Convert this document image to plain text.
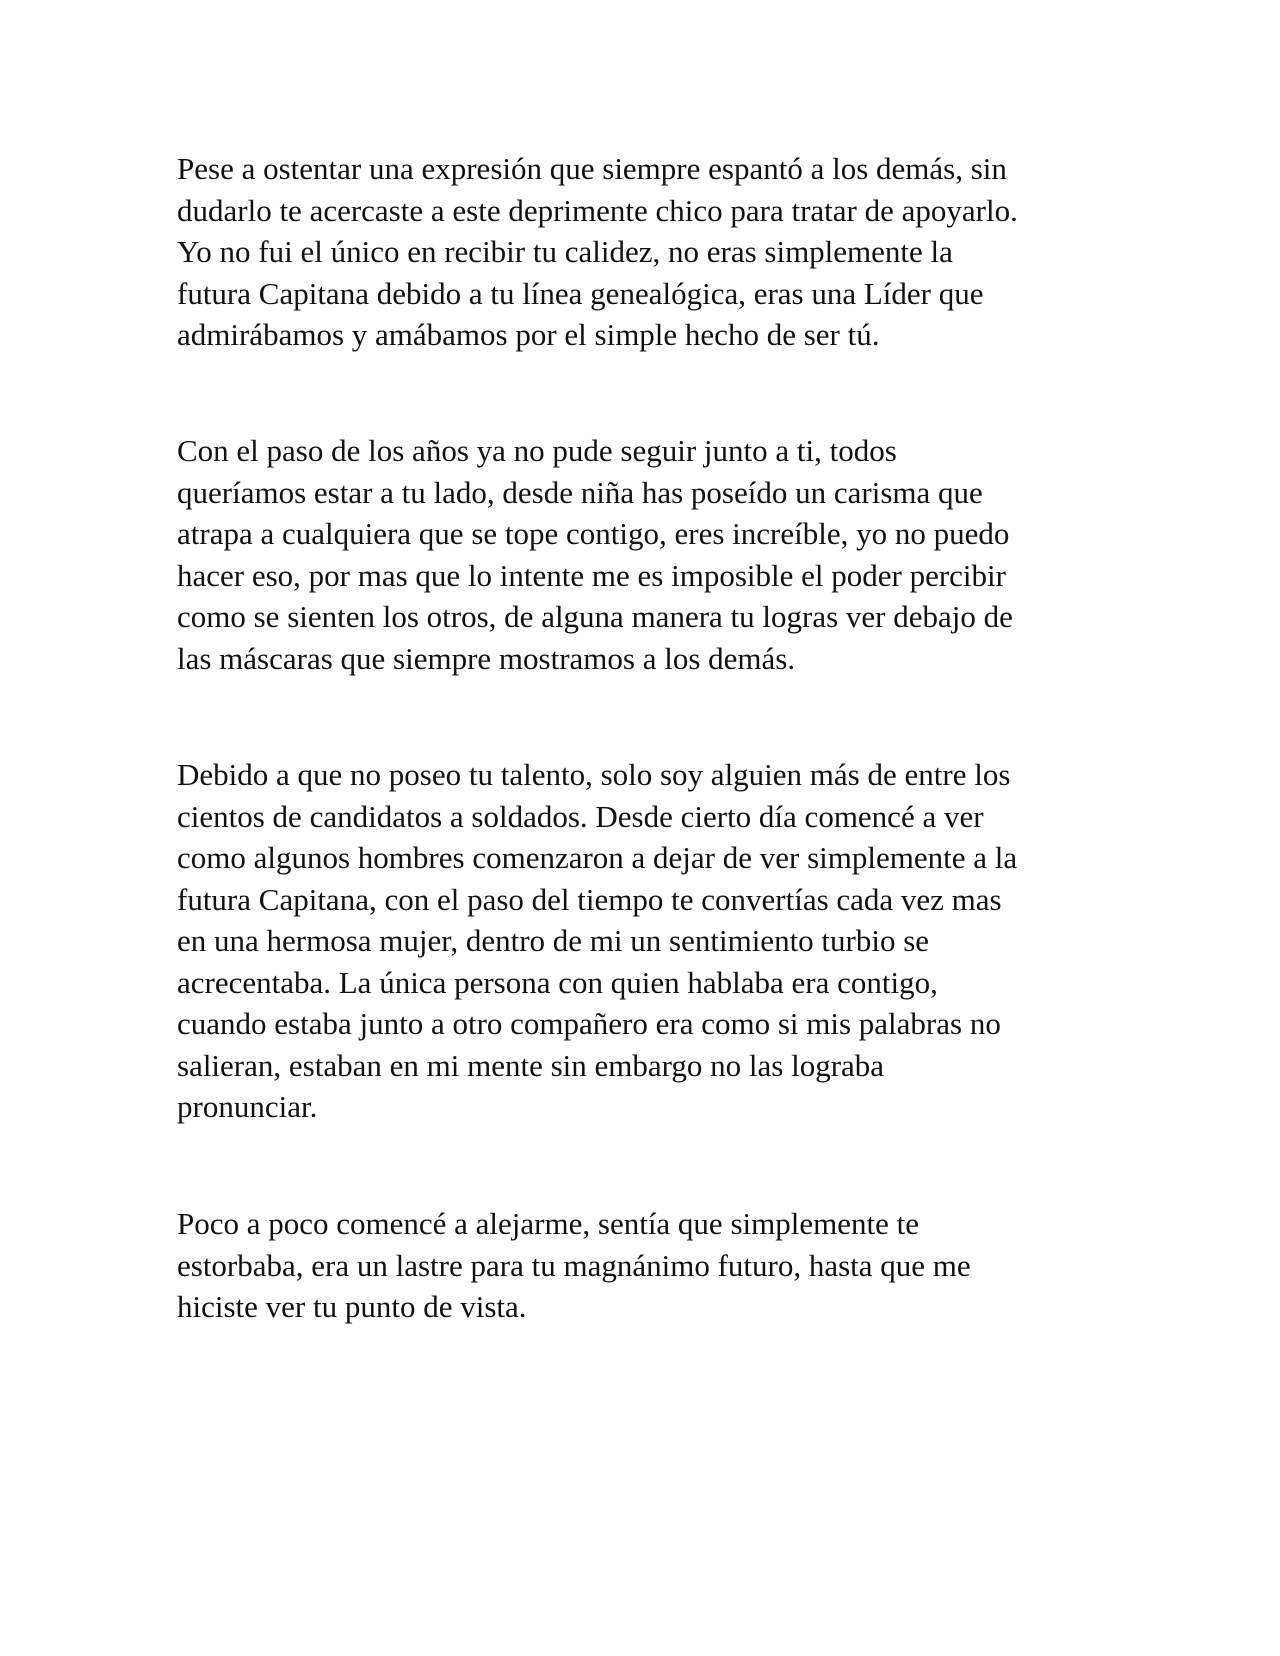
Pese a ostentar una expresión que siempre espantó a los demás, sin
dudarlo te acercaste a este deprimente chico para tratar de apoyarlo.
Yo no fui el único en recibir tu calidez, no eras simplemente la
futura Capitana debido a tu línea genealógica, eras una Líder que
admirábamos y amábamos por el simple hecho de ser tú.
Con el paso de los años ya no pude seguir junto a ti, todos
queríamos estar a tu lado, desde niña has poseído un carisma que
atrapa a cualquiera que se tope contigo, eres increíble, yo no puedo
hacer eso, por mas que lo intente me es imposible el poder percibir
como se sienten los otros, de alguna manera tu logras ver debajo de
las máscaras que siempre mostramos a los demás.
Debido a que no poseo tu talento, solo soy alguien más de entre los
cientos de candidatos a soldados. Desde cierto día comencé a ver
como algunos hombres comenzaron a dejar de ver simplemente a la
futura Capitana, con el paso del tiempo te convertías cada vez mas
en una hermosa mujer, dentro de mi un sentimiento turbio se
acrecentaba. La única persona con quien hablaba era contigo,
cuando estaba junto a otro compañero era como si mis palabras no
salieran, estaban en mi mente sin embargo no las lograba
pronunciar.
Poco a poco comencé a alejarme, sentía que simplemente te
estorbaba, era un lastre para tu magnánimo futuro, hasta que me
hiciste ver tu punto de vista.
